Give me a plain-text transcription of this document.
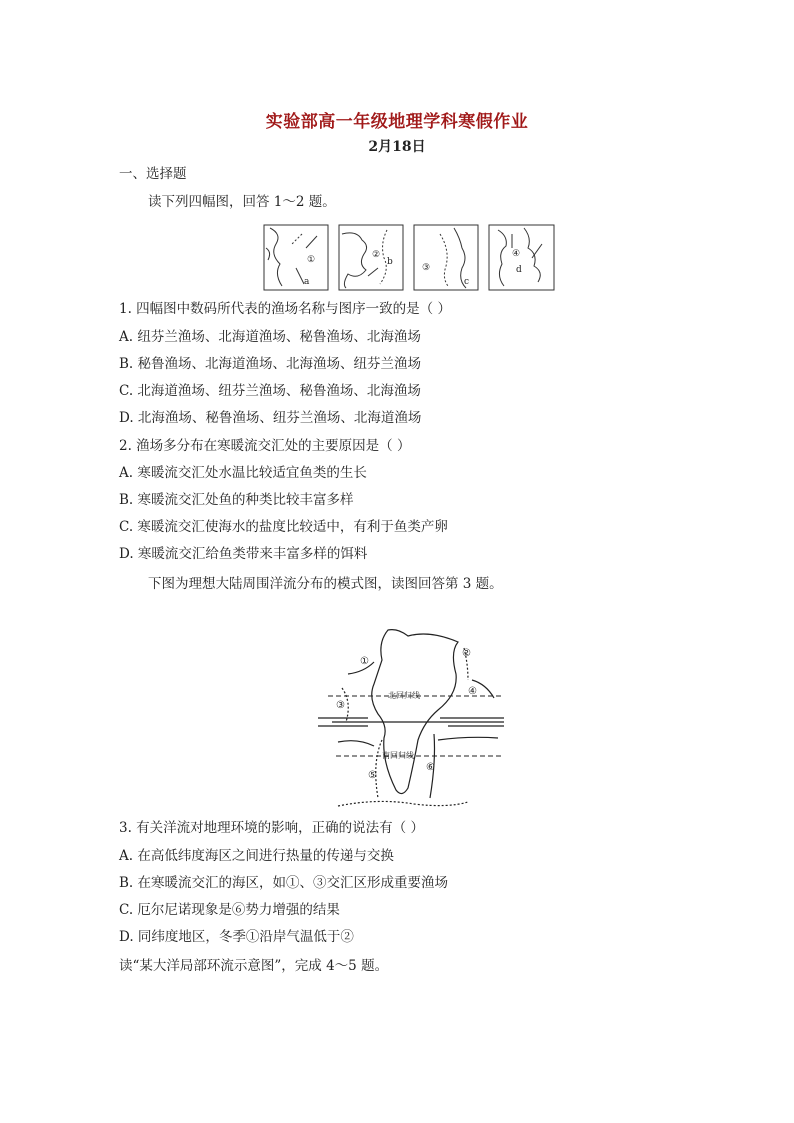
实验部高一年级地理学科寒假作业
2月18日
一、选择题
读下列四幅图，回答 1～2 题。
①	②
③
④
a
b
c
d
1. 四幅图中数码所代表的渔场名称与图序一致的是（ ）
A. 纽芬兰渔场、北海道渔场、秘鲁渔场、北海渔场
B. 秘鲁渔场、北海道渔场、北海渔场、纽芬兰渔场
C. 北海道渔场、纽芬兰渔场、秘鲁渔场、北海渔场
D. 北海渔场、秘鲁渔场、纽芬兰渔场、北海道渔场
2. 渔场多分布在寒暖流交汇处的主要原因是（ ）
A. 寒暖流交汇处水温比较适宜鱼类的生长
B. 寒暖流交汇处鱼的种类比较丰富多样
C. 寒暖流交汇使海水的盐度比较适中，有利于鱼类产卵
D. 寒暖流交汇给鱼类带来丰富多样的饵料
下图为理想大陆周围洋流分布的模式图，读图回答第 3 题。
北回归线
南回归线
①
②
③
④
⑤
⑥
3. 有关洋流对地理环境的影响，正确的说法有（ ）
A. 在高低纬度海区之间进行热量的传递与交换
B. 在寒暖流交汇的海区，如①、③交汇区形成重要渔场
C. 厄尔尼诺现象是⑥势力增强的结果
D. 同纬度地区，冬季①沿岸气温低于②
读“某大洋局部环流示意图”，完成 4～5 题。
